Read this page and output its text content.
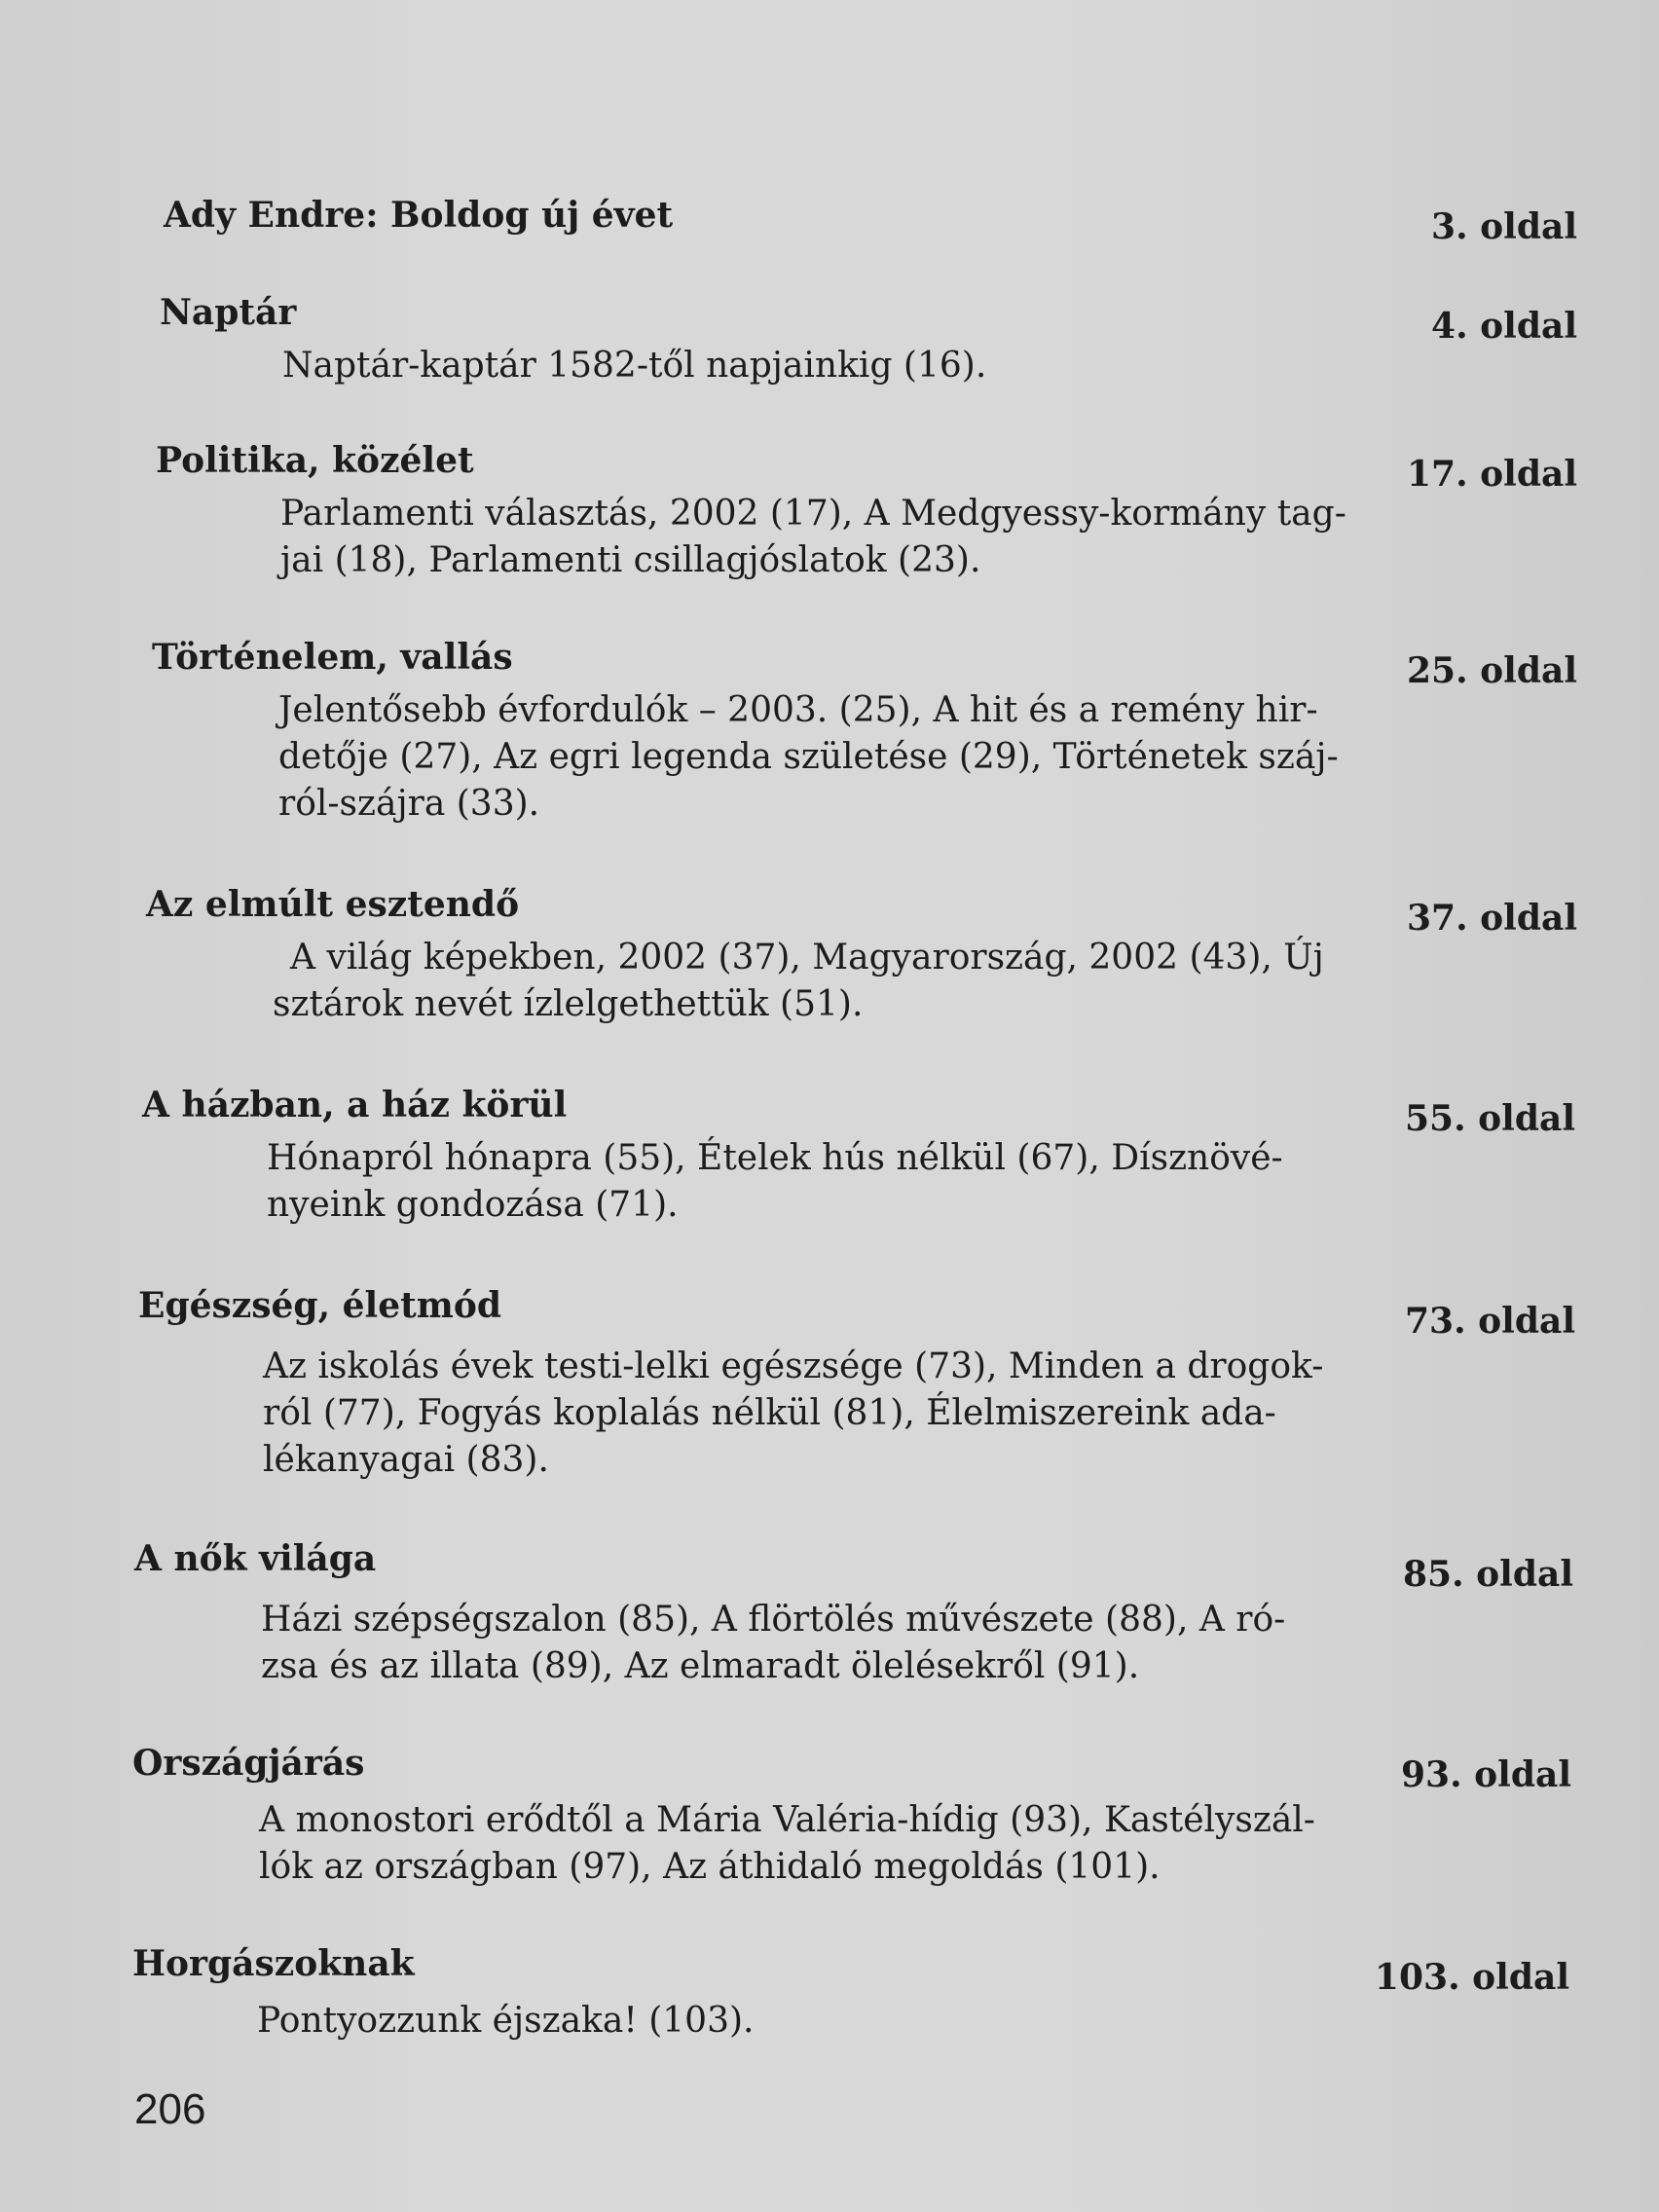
Ady Endre: Boldog új évet	3. oldal
Naptár	4. oldal
Naptár-kaptár 1582-től napjainkig (16).
Politika, közélet	17. oldal
Parlamenti választás, 2002 (17), A Medgyessy-kormány tag-
jai (18), Parlamenti csillagjóslatok (23).
Történelem, vallás	25. oldal
Jelentősebb évfordulók – 2003. (25), A hit és a remény hir-
detője (27), Az egri legenda születése (29), Történetek száj-
ról-szájra (33).
Az elmúlt esztendő	37. oldal
A világ képekben, 2002 (37), Magyarország, 2002 (43), Új
sztárok nevét ízlelgethettük (51).
A házban, a ház körül	55. oldal
Hónapról hónapra (55), Ételek hús nélkül (67), Dísznövé-
nyeink gondozása (71).
Egészség, életmód	73. oldal
Az iskolás évek testi-lelki egészsége (73), Minden a drogok-
ról (77), Fogyás koplalás nélkül (81), Élelmiszereink ada-
lékanyagai (83).
A nők világa	85. oldal
Házi szépségszalon (85), A flörtölés művészete (88), A ró-
zsa és az illata (89), Az elmaradt ölelésekről (91).
Országjárás	93. oldal
A monostori erődtől a Mária Valéria-hídig (93), Kastélyszál-
lók az országban (97), Az áthidaló megoldás (101).
Horgászoknak	103. oldal
Pontyozzunk éjszaka! (103).
206
